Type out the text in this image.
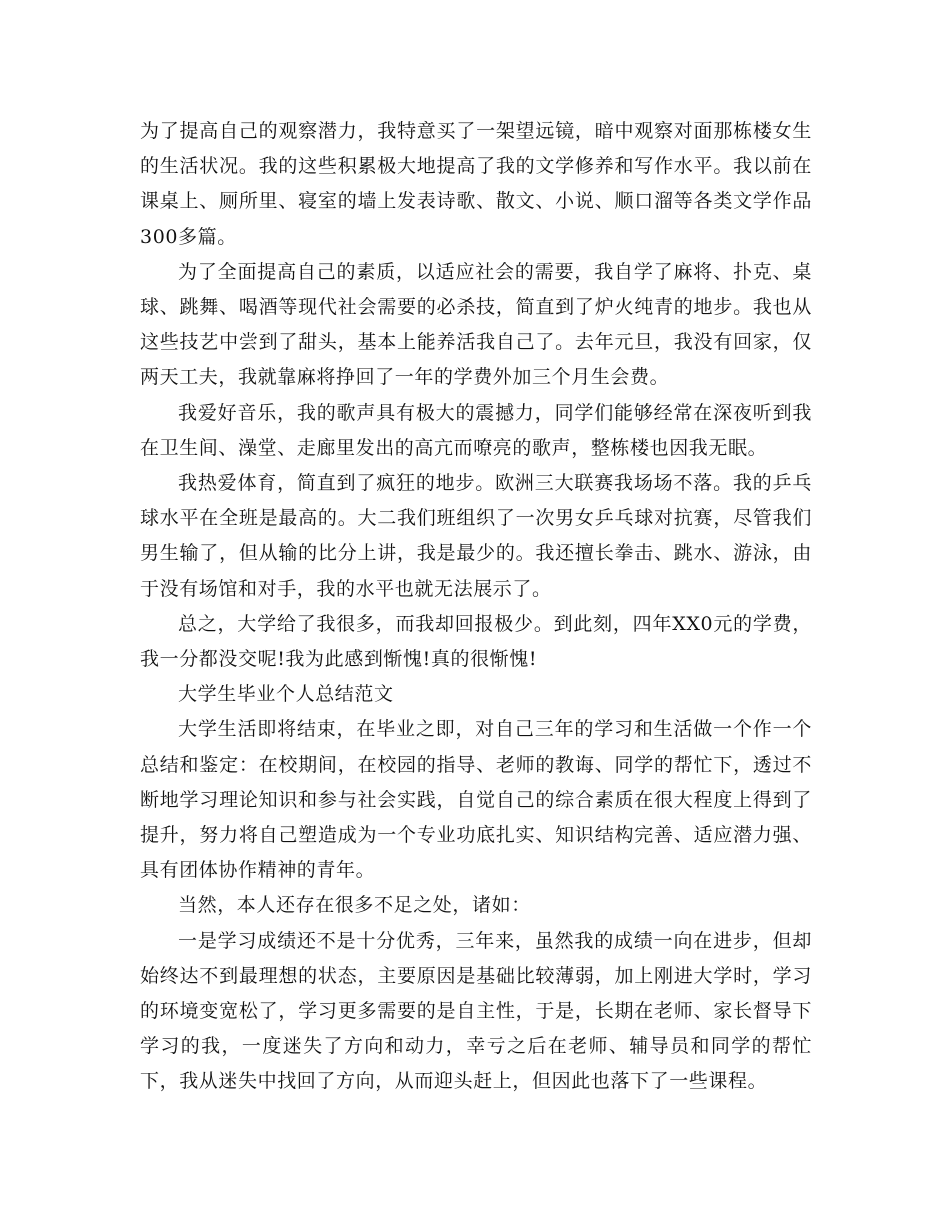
为了提高自己的观察潜力，我特意买了一架望远镜，暗中观察对面那栋楼女生的生活状况。我的这些积累极大地提高了我的文学修养和写作水平。我以前在课桌上、厕所里、寝室的墙上发表诗歌、散文、小说、顺口溜等各类文学作品300多篇。

为了全面提高自己的素质，以适应社会的需要，我自学了麻将、扑克、桌球、跳舞、喝酒等现代社会需要的必杀技，简直到了炉火纯青的地步。我也从这些技艺中尝到了甜头，基本上能养活我自己了。去年元旦，我没有回家，仅两天工夫，我就靠麻将挣回了一年的学费外加三个月生会费。

我爱好音乐，我的歌声具有极大的震撼力，同学们能够经常在深夜听到我在卫生间、澡堂、走廊里发出的高亢而嘹亮的歌声，整栋楼也因我无眠。

我热爱体育，简直到了疯狂的地步。欧洲三大联赛我场场不落。我的乒乓球水平在全班是最高的。大二我们班组织了一次男女乒乓球对抗赛，尽管我们男生输了，但从输的比分上讲，我是最少的。我还擅长拳击、跳水、游泳，由于没有场馆和对手，我的水平也就无法展示了。

总之，大学给了我很多，而我却回报极少。到此刻，四年XX0元的学费，我一分都没交呢!我为此感到惭愧!真的很惭愧!

大学生毕业个人总结范文

大学生活即将结束，在毕业之即，对自己三年的学习和生活做一个作一个总结和鉴定：在校期间，在校园的指导、老师的教诲、同学的帮忙下，透过不断地学习理论知识和参与社会实践，自觉自己的综合素质在很大程度上得到了提升，努力将自己塑造成为一个专业功底扎实、知识结构完善、适应潜力强、具有团体协作精神的青年。

当然，本人还存在很多不足之处，诸如：

一是学习成绩还不是十分优秀，三年来，虽然我的成绩一向在进步，但却始终达不到最理想的状态，主要原因是基础比较薄弱，加上刚进大学时，学习的环境变宽松了，学习更多需要的是自主性，于是，长期在老师、家长督导下学习的我，一度迷失了方向和动力，幸亏之后在老师、辅导员和同学的帮忙下，我从迷失中找回了方向，从而迎头赶上，但因此也落下了一些课程。
